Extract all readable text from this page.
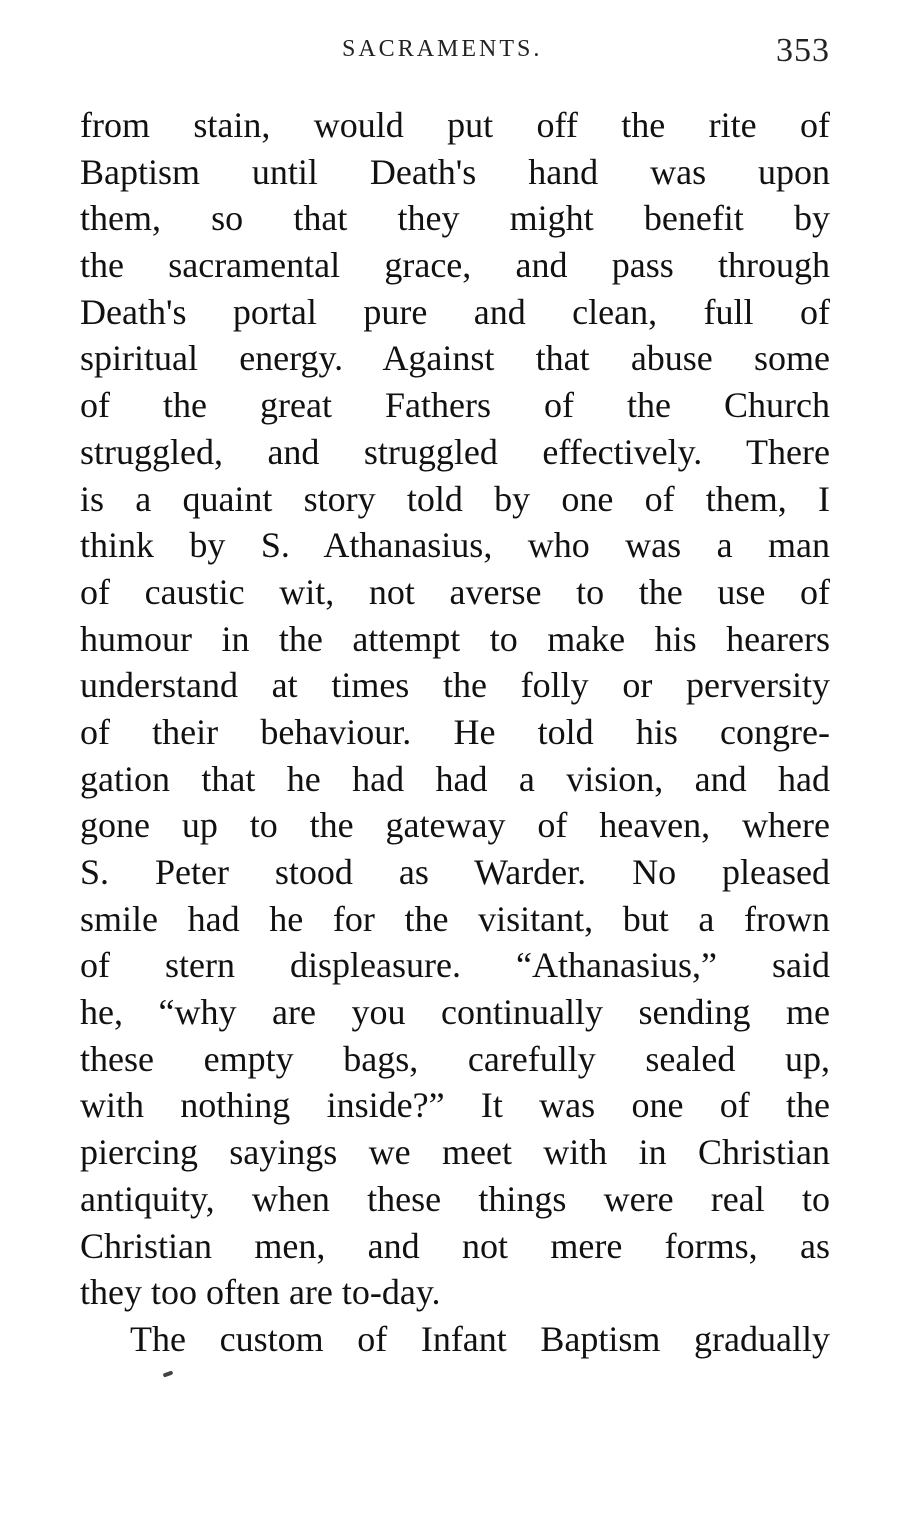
SACRAMENTS.	353
from stain, would put off the rite of
Baptism until Death's hand was upon
them, so that they might benefit by
the sacramental grace, and pass through
Death's portal pure and clean, full of
spiritual energy. Against that abuse some
of the great Fathers of the Church
struggled, and struggled effectively. There
is a quaint story told by one of them, I
think by S. Athanasius, who was a man
of caustic wit, not averse to the use of
humour in the attempt to make his hearers
understand at times the folly or perversity
of their behaviour. He told his congre-
gation that he had had a vision, and had
gone up to the gateway of heaven, where
S. Peter stood as Warder. No pleased
smile had he for the visitant, but a frown
of stern displeasure. “Athanasius,” said
he, “why are you continually sending me
these empty bags, carefully sealed up,
with nothing inside?” It was one of the
piercing sayings we meet with in Christian
antiquity, when these things were real to
Christian men, and not mere forms, as
they too often are to-day.
The custom of Infant Baptism gradually
